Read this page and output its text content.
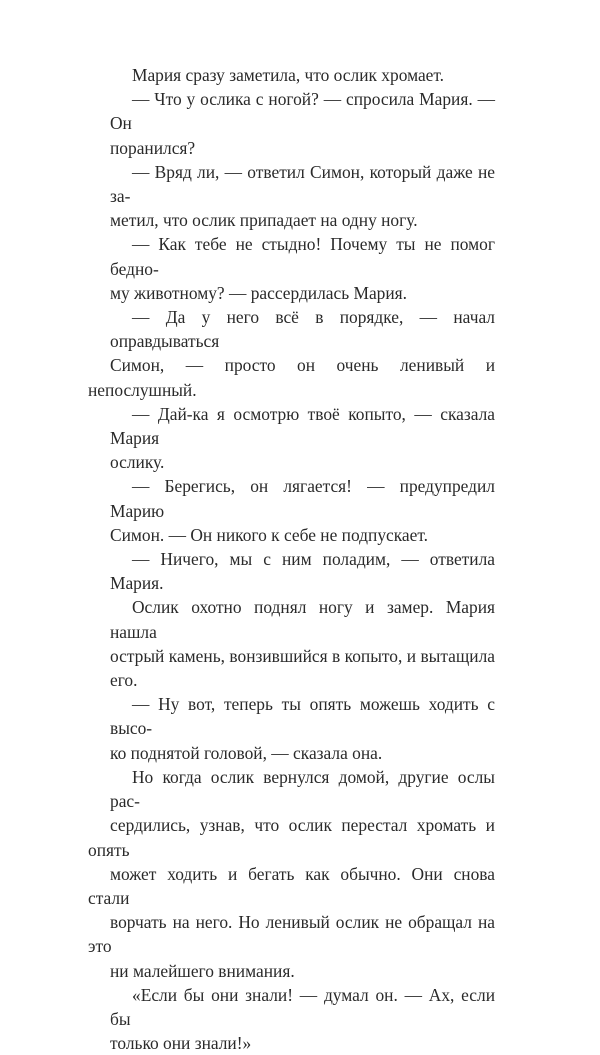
Мария сразу заметила, что ослик хромает.

— Что у ослика с ногой? — спросила Мария. — Он
поранился?

— Вряд ли, — ответил Симон, который даже не за-
метил, что ослик припадает на одну ногу.

— Как тебе не стыдно! Почему ты не помог бедно-
му животному? — рассердилась Мария.

— Да у него всё в порядке, — начал оправдываться
Симон, — просто он очень ленивый и непослушный.

— Дай-ка я осмотрю твоё копыто, — сказала Мария
ослику.

— Берегись, он лягается! — предупредил Марию
Симон. — Он никого к себе не подпускает.

— Ничего, мы с ним поладим, — ответила Мария.

Ослик охотно поднял ногу и замер. Мария нашла
острый камень, вонзившийся в копыто, и вытащила
его.

— Ну вот, теперь ты опять можешь ходить с высо-
ко поднятой головой, — сказала она.

Но когда ослик вернулся домой, другие ослы рас-
сердились, узнав, что ослик перестал хромать и опять
может ходить и бегать как обычно. Они снова стали
ворчать на него. Но ленивый ослик не обращал на это
ни малейшего внимания.

«Если бы они знали! — думал он. — Ах, если бы
только они знали!»
